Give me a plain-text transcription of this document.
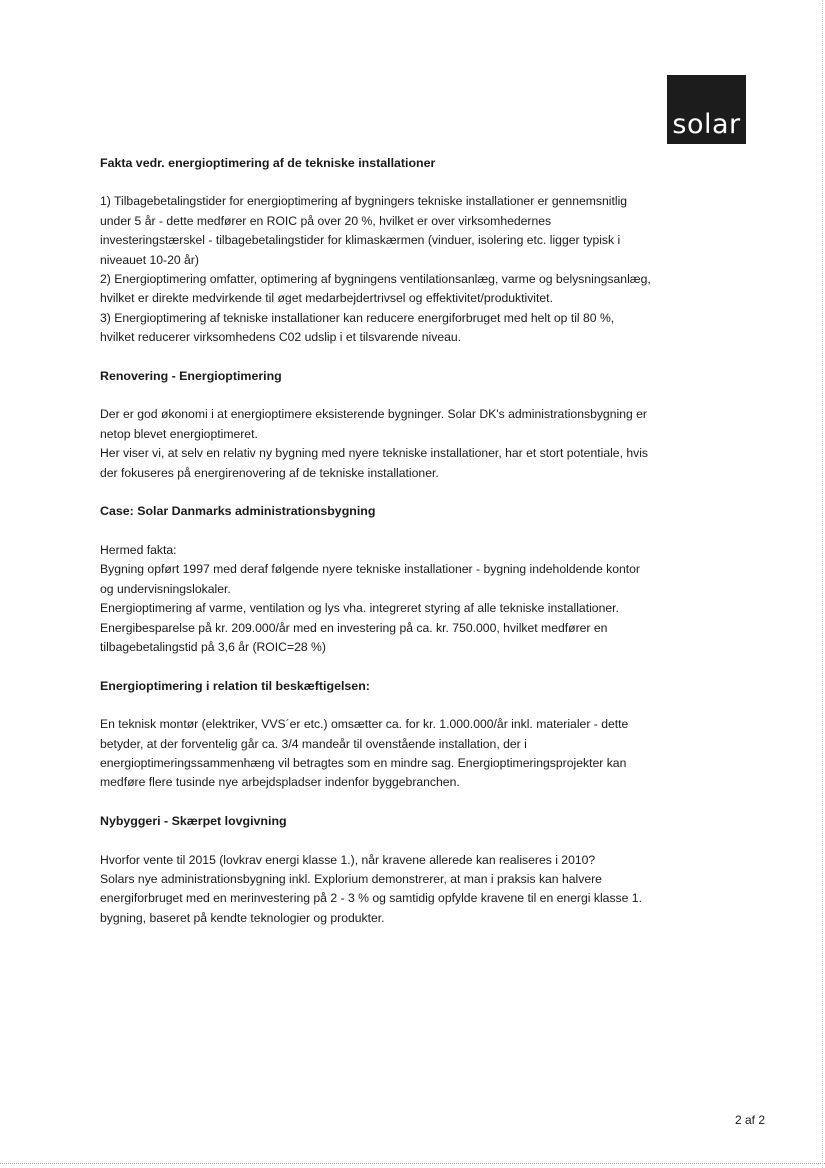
solar
Fakta vedr. energioptimering af de tekniske installationer

1) Tilbagebetalingstider for energioptimering af bygningers tekniske installationer er gennemsnitlig under 5 år - dette medfører en ROIC på over 20 %, hvilket er over virksomhedernes investeringstærskel - tilbagebetalingstider for klimaskærmen (vinduer, isolering etc. ligger typisk i niveauet 10-20 år)

2) Energioptimering omfatter, optimering af bygningens ventilationsanlæg, varme og belysningsanlæg, hvilket er direkte medvirkende til øget medarbejdertrivsel og effektivitet/produktivitet.

3) Energioptimering af tekniske installationer kan reducere energiforbruget med helt op til 80 %, hvilket reducerer virksomhedens C02 udslip i et tilsvarende niveau.

Renovering - Energioptimering

Der er god økonomi i at energioptimere eksisterende bygninger. Solar DK's administrationsbygning er netop blevet energioptimeret.

Her viser vi, at selv en relativ ny bygning med nyere tekniske installationer, har et stort potentiale, hvis der fokuseres på energirenovering af de tekniske installationer.

Case: Solar Danmarks administrationsbygning

Hermed fakta:

Bygning opført 1997 med deraf følgende nyere tekniske installationer - bygning indeholdende kontor og undervisningslokaler.

Energioptimering af varme, ventilation og lys vha. integreret styring af alle tekniske installationer.

Energibesparelse på kr. 209.000/år med en investering på ca. kr. 750.000, hvilket medfører en tilbagebetalingstid på 3,6 år (ROIC=28 %)

Energioptimering i relation til beskæftigelsen:

En teknisk montør (elektriker, VVS´er etc.) omsætter ca. for kr. 1.000.000/år inkl. materialer - dette betyder, at der forventelig går ca. 3/4 mandeår til ovenstående installation, der i energioptimeringssammenhæng vil betragtes som en mindre sag. Energioptimeringsprojekter kan medføre flere tusinde nye arbejdspladser indenfor byggebranchen.

Nybyggeri - Skærpet lovgivning

Hvorfor vente til 2015 (lovkrav energi klasse 1.), når kravene allerede kan realiseres i 2010?

Solars nye administrationsbygning inkl. Explorium demonstrerer, at man i praksis kan halvere energiforbruget med en merinvestering på 2 - 3 % og samtidig opfylde kravene til en energi klasse 1. bygning, baseret på kendte teknologier og produkter.

2 af 2
